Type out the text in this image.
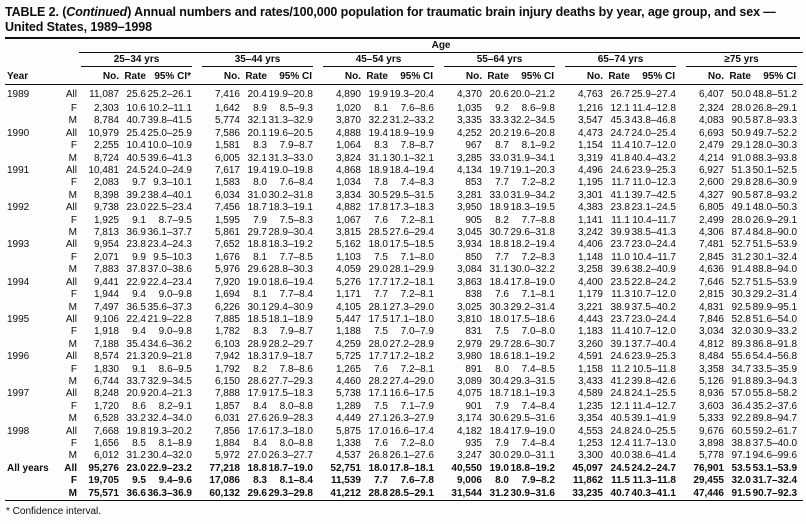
TABLE 2. (Continued) Annual numbers and rates/100,000 population for traumatic brain injury deaths by year, age group, and sex — United States, 1989–1998

		Age																	

		25–34 yrs			35–44 yrs			45–54 yrs			55–64 yrs			65–74 yrs			≥75 yrs		

Year		No.	Rate	95% CI*	No.	Rate	95% CI	No.	Rate	95% CI	No.	Rate	95% CI	No.	Rate	95% CI	No.	Rate	95% CI
1989	All	11,087	25.6	25.2–26.1	7,416	20.4	19.9–20.8	4,890	19.9	19.3–20.4	4,370	20.6	20.0–21.2	4,763	26.7	25.9–27.4	6,407	50.0	48.8–51.2
	F	2,303	10.6	10.2–11.1	1,642	8.9	8.5–9.3	1,020	8.1	7.6–8.6	1,035	9.2	8.6–9.8	1,216	12.1	11.4–12.8	2,324	28.0	26.8–29.1
	M	8,784	40.7	39.8–41.5	5,774	32.1	31.3–32.9	3,870	32.2	31.2–33.2	3,335	33.3	32.2–34.5	3,547	45.3	43.8–46.8	4,083	90.5	87.8–93.3
1990	All	10,979	25.4	25.0–25.9	7,586	20.1	19.6–20.5	4,888	19.4	18.9–19.9	4,252	20.2	19.6–20.8	4,473	24.7	24.0–25.4	6,693	50.9	49.7–52.2
	F	2,255	10.4	10.0–10.9	1,581	8.3	7.9–8.7	1,064	8.3	7.8–8.7	967	8.7	8.1–9.2	1,154	11.4	10.7–12.0	2,479	29.1	28.0–30.3
	M	8,724	40.5	39.6–41.3	6,005	32.1	31.3–33.0	3,824	31.1	30.1–32.1	3,285	33.0	31.9–34.1	3,319	41.8	40.4–43.2	4,214	91.0	88.3–93.8
1991	All	10,481	24.5	24.0–24.9	7,617	19.4	19.0–19.8	4,868	18.9	18.4–19.4	4,134	19.7	19.1–20.3	4,496	24.6	23.9–25.3	6,927	51.3	50.1–52.5
	F	2,083	9.7	9.3–10.1	1,583	8.0	7.6–8.4	1,034	7.8	7.4–8.3	853	7.7	7.2–8.2	1,195	11.7	11.0–12.3	2,600	29.8	28.6–30.9
	M	8,398	39.2	38.4–40.1	6,034	31.0	30.2–31.8	3,834	30.5	29.5–31.5	3,281	33.0	31.9–34.2	3,301	41.1	39.7–42.5	4,327	90.5	87.8–93.2
1992	All	9,738	23.0	22.5–23.4	7,456	18.7	18.3–19.1	4,882	17.8	17.3–18.3	3,950	18.9	18.3–19.5	4,383	23.8	23.1–24.5	6,805	49.1	48.0–50.3
	F	1,925	9.1	8.7–9.5	1,595	7.9	7.5–8.3	1,067	7.6	7.2–8.1	905	8.2	7.7–8.8	1,141	11.1	10.4–11.7	2,499	28.0	26.9–29.1
	M	7,813	36.9	36.1–37.7	5,861	29.7	28.9–30.4	3,815	28.5	27.6–29.4	3,045	30.7	29.6–31.8	3,242	39.9	38.5–41.3	4,306	87.4	84.8–90.0
1993	All	9,954	23.8	23.4–24.3	7,652	18.8	18.3–19.2	5,162	18.0	17.5–18.5	3,934	18.8	18.2–19.4	4,406	23.7	23.0–24.4	7,481	52.7	51.5–53.9
	F	2,071	9.9	9.5–10.3	1,676	8.1	7.7–8.5	1,103	7.5	7.1–8.0	850	7.7	7.2–8.3	1,148	11.0	10.4–11.7	2,845	31.2	30.1–32.4
	M	7,883	37.8	37.0–38.6	5,976	29.6	28.8–30.3	4,059	29.0	28.1–29.9	3,084	31.1	30.0–32.2	3,258	39.6	38.2–40.9	4,636	91.4	88.8–94.0
1994	All	9,441	22.9	22.4–23.4	7,920	19.0	18.6–19.4	5,276	17.7	17.2–18.1	3,863	18.4	17.8–19.0	4,400	23.5	22.8–24.2	7,646	52.7	51.5–53.9
	F	1,944	9.4	9.0–9.8	1,694	8.1	7.7–8.4	1,171	7.7	7.2–8.1	838	7.6	7.1–8.1	1,179	11.3	10.7–12.0	2,815	30.3	29.2–31.4
	M	7,497	36.5	35.6–37.3	6,226	30.1	29.4–30.9	4,105	28.1	27.3–29.0	3,025	30.3	29.2–31.4	3,221	38.9	37.5–40.2	4,831	92.5	89.9–95.1
1995	All	9,106	22.4	21.9–22.8	7,885	18.5	18.1–18.9	5,447	17.5	17.1–18.0	3,810	18.0	17.5–18.6	4,443	23.7	23.0–24.4	7,846	52.8	51.6–54.0
	F	1,918	9.4	9.0–9.8	1,782	8.3	7.9–8.7	1,188	7.5	7.0–7.9	831	7.5	7.0–8.0	1,183	11.4	10.7–12.0	3,034	32.0	30.9–33.2
	M	7,188	35.4	34.6–36.2	6,103	28.9	28.2–29.7	4,259	28.0	27.2–28.9	2,979	29.7	28.6–30.7	3,260	39.1	37.7–40.4	4,812	89.3	86.8–91.8
1996	All	8,574	21.3	20.9–21.8	7,942	18.3	17.9–18.7	5,725	17.7	17.2–18.2	3,980	18.6	18.1–19.2	4,591	24.6	23.9–25.3	8,484	55.6	54.4–56.8
	F	1,830	9.1	8.6–9.5	1,792	8.2	7.8–8.6	1,265	7.6	7.2–8.1	891	8.0	7.4–8.5	1,158	11.2	10.5–11.8	3,358	34.7	33.5–35.9
	M	6,744	33.7	32.9–34.5	6,150	28.6	27.7–29.3	4,460	28.2	27.4–29.0	3,089	30.4	29.3–31.5	3,433	41.2	39.8–42.6	5,126	91.8	89.3–94.3
1997	All	8,248	20.9	20.4–21.3	7,888	17.9	17.5–18.3	5,738	17.1	16.6–17.5	4,075	18.7	18.1–19.3	4,589	24.8	24.1–25.5	8,936	57.0	55.8–58.2
	F	1,720	8.6	8.2–9.1	1,857	8.4	8.0–8.8	1,289	7.5	7.1–7.9	901	7.9	7.4–8.4	1,235	12.1	11.4–12.7	3,603	36.4	35.2–37.6
	M	6,528	33.2	32.4–34.0	6,031	27.6	26.9–28.3	4,449	27.1	26.3–27.9	3,174	30.6	29.5–31.6	3,354	40.5	39.1–41.9	5,333	92.2	89.8–94.7
1998	All	7,668	19.8	19.3–20.2	7,856	17.6	17.3–18.0	5,875	17.0	16.6–17.4	4,182	18.4	17.9–19.0	4,553	24.8	24.0–25.5	9,676	60.5	59.2–61.7
	F	1,656	8.5	8.1–8.9	1,884	8.4	8.0–8.8	1,338	7.6	7.2–8.0	935	7.9	7.4–8.4	1,253	12.4	11.7–13.0	3,898	38.8	37.5–40.0
	M	6,012	31.2	30.4–32.0	5,972	27.0	26.3–27.7	4,537	26.8	26.1–27.6	3,247	30.0	29.0–31.1	3,300	40.0	38.6–41.4	5,778	97.1	94.6–99.6
All years	All	95,276	23.0	22.9–23.2	77,218	18.8	18.7–19.0	52,751	18.0	17.8–18.1	40,550	19.0	18.8–19.2	45,097	24.5	24.2–24.7	76,901	53.5	53.1–53.9
	F	19,705	9.5	9.4–9.6	17,086	8.3	8.1–8.4	11,539	7.7	7.6–7.8	9,006	8.0	7.9–8.2	11,862	11.5	11.3–11.8	29,455	32.0	31.7–32.4
	M	75,571	36.6	36.3–36.9	60,132	29.6	29.3–29.8	41,212	28.8	28.5–29.1	31,544	31.2	30.9–31.6	33,235	40.7	40.3–41.1	47,446	91.5	90.7–92.3
* Confidence interval.
